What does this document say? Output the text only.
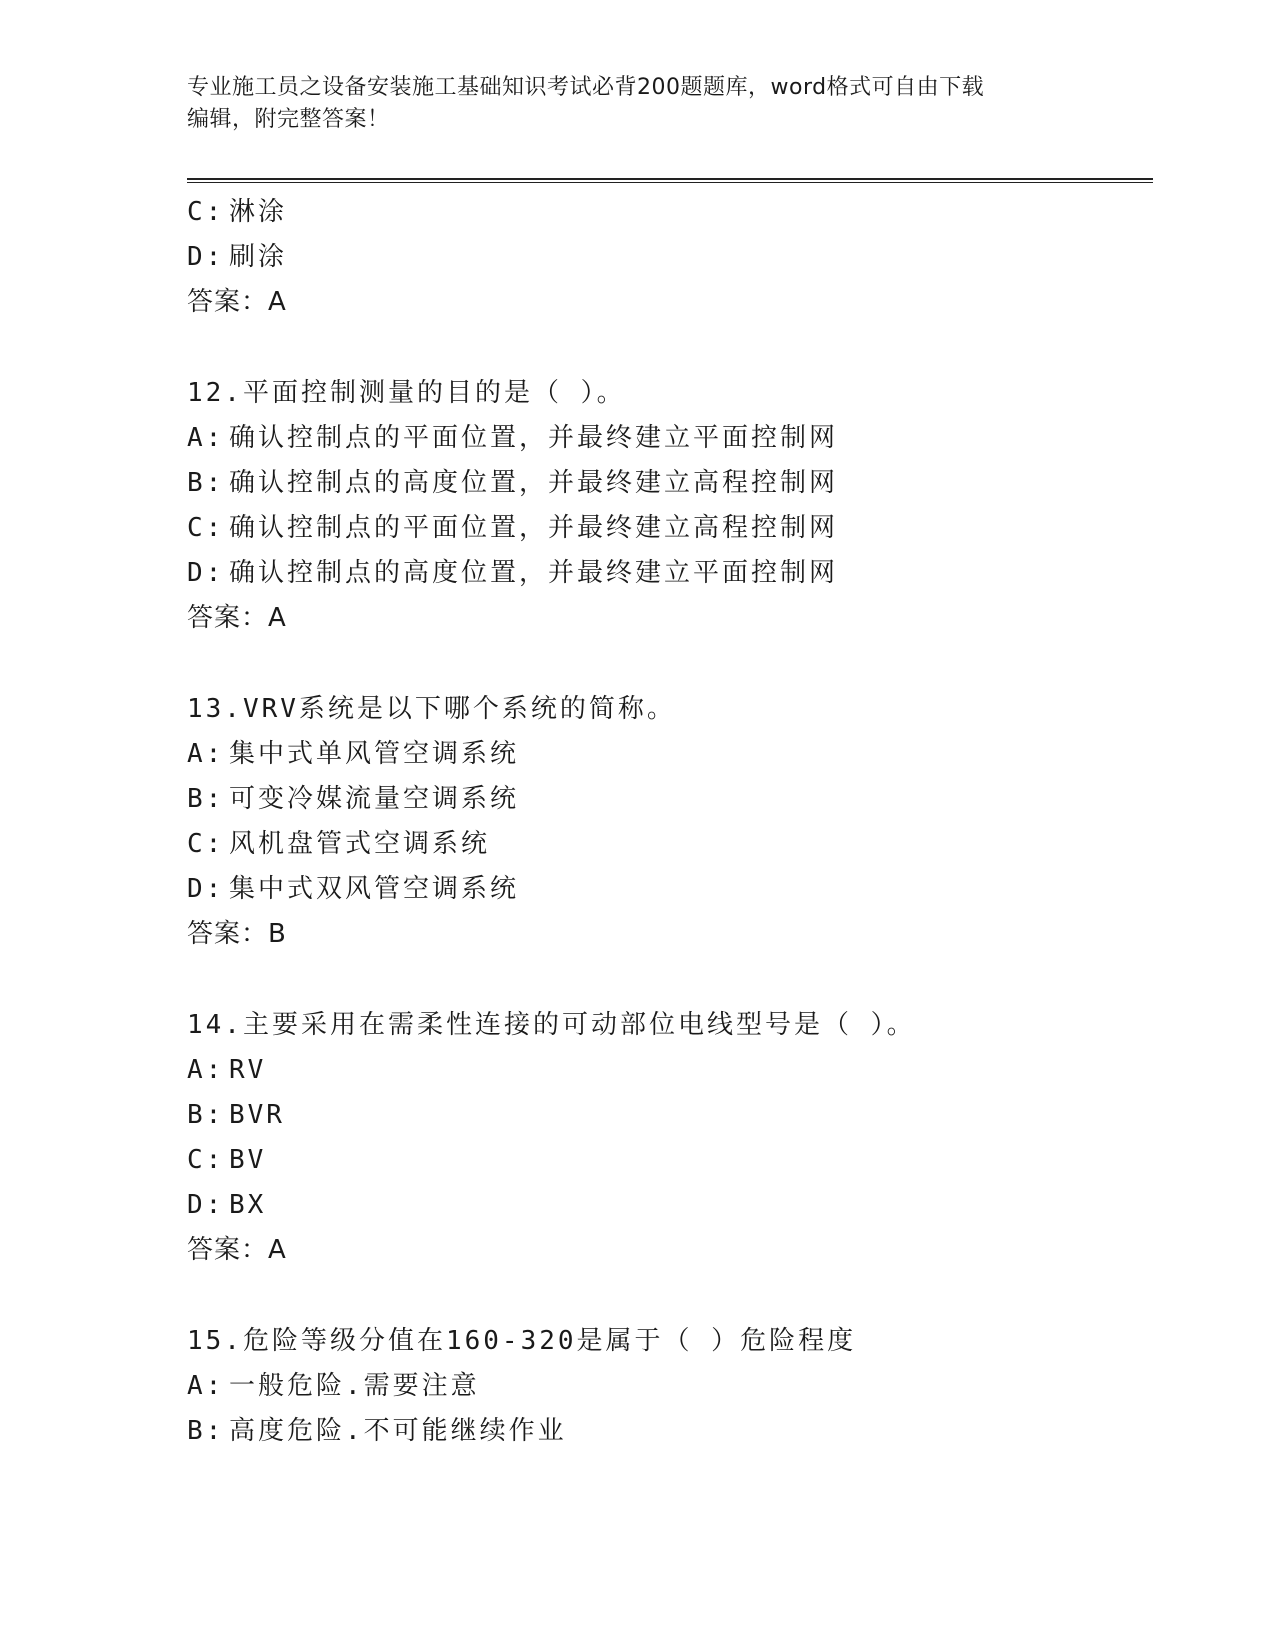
专业施工员之设备安装施工基础知识考试必背200题题库，word格式可自由下载
编辑，附完整答案！
C: 淋涂
D: 刷涂
答案：A
12.平面控制测量的目的是（ ）。
A: 确认控制点的平面位置，并最终建立平面控制网
B: 确认控制点的高度位置，并最终建立高程控制网
C: 确认控制点的平面位置，并最终建立高程控制网
D: 确认控制点的高度位置，并最终建立平面控制网
答案：A
13.VRV系统是以下哪个系统的简称。
A: 集中式单风管空调系统
B: 可变冷媒流量空调系统
C: 风机盘管式空调系统
D: 集中式双风管空调系统
答案：B
14.主要采用在需柔性连接的可动部位电线型号是（ ）。
A: RV
B: BVR
C: BV
D: BX
答案：A
15.危险等级分值在160-320是属于（ ）危险程度
A: 一般危险.需要注意
B: 高度危险.不可能继续作业
